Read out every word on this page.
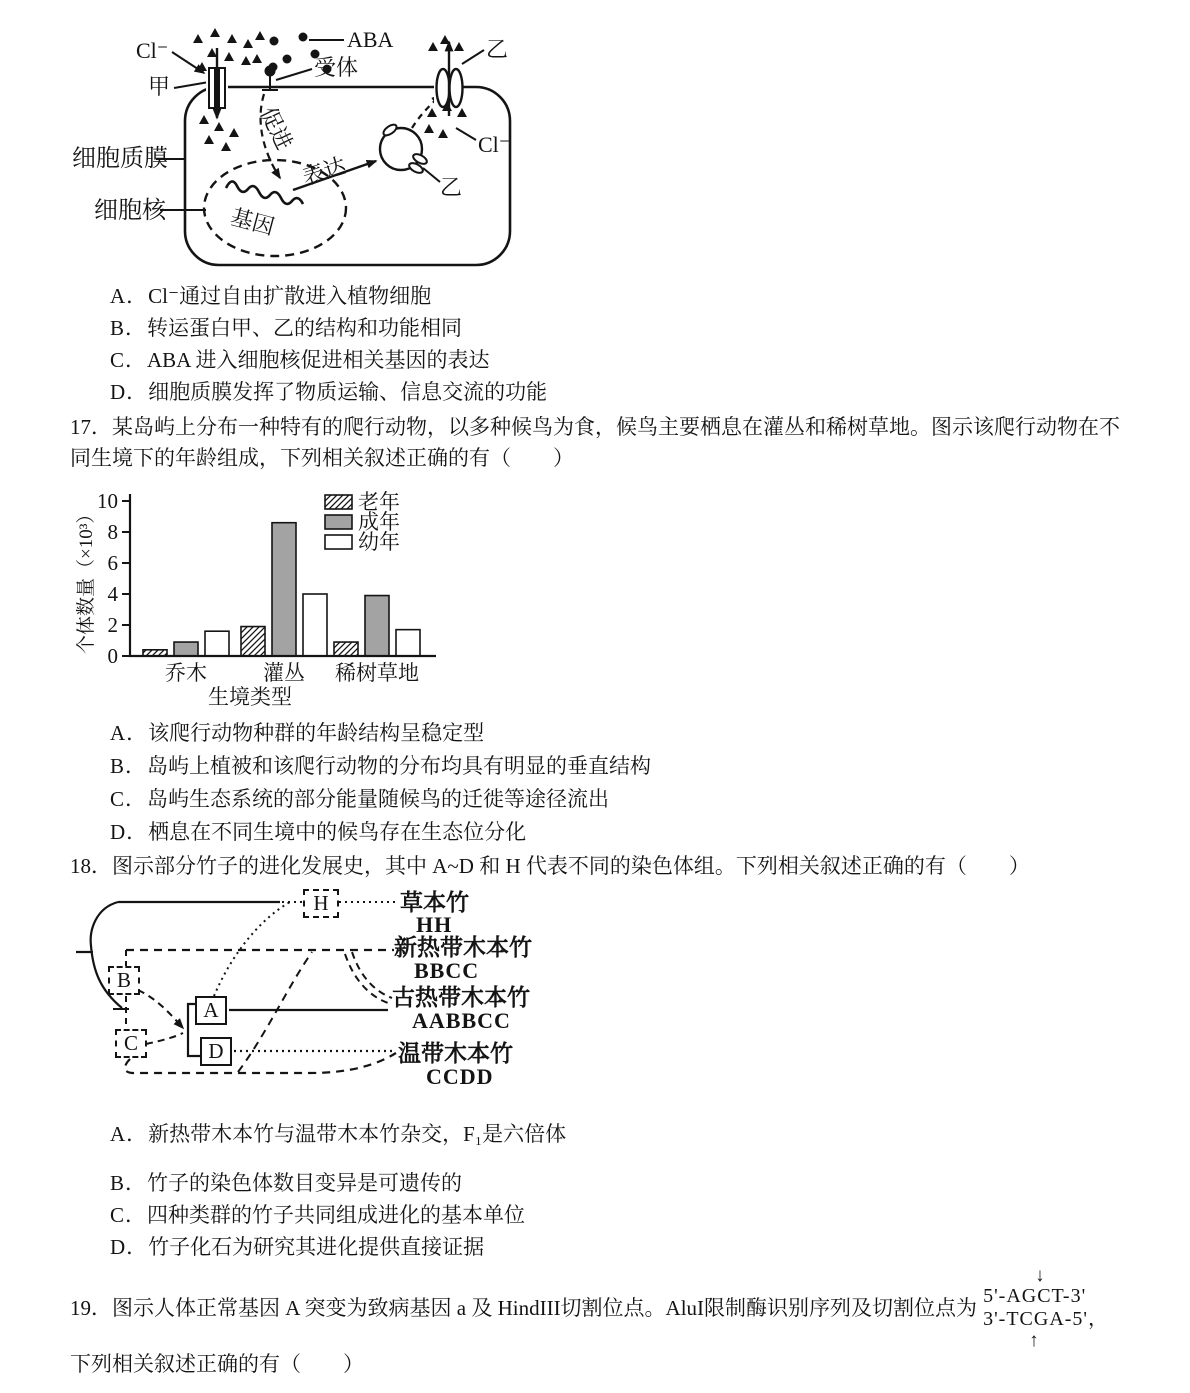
Cl⁻
甲
ABA
受体
促进
表达
基因
乙
乙
Cl⁻
细胞质膜
细胞核
A．Cl⁻通过自由扩散进入植物细胞
B．转运蛋白甲、乙的结构和功能相同
C．ABA 进入细胞核促进相关基因的表达
D．细胞质膜发挥了物质运输、信息交流的功能
17．某岛屿上分布一种特有的爬行动物，以多种候鸟为食，候鸟主要栖息在灌丛和稀树草地。图示该爬行动物在不同生境下的年龄组成，下列相关叙述正确的有（　　）
0
2
4
6
8
10
个体数量（×10³）
乔木	灌丛 稀树草地
生境类型
老年
成年
幼年
A．该爬行动物种群的年龄结构呈稳定型
B．岛屿上植被和该爬行动物的分布均具有明显的垂直结构
C．岛屿生态系统的部分能量随候鸟的迁徙等途径流出
D．栖息在不同生境中的候鸟存在生态位分化
18．图示部分竹子的进化发展史，其中 A~D 和 H 代表不同的染色体组。下列相关叙述正确的有（　　）
H
B
C
A
D
草本竹
HH
新热带木本竹
BBCC
古热带木本竹
AABBCC
温带木本竹
CCDD
A．新热带木本竹与温带木本竹杂交，F₁是六倍体
B．竹子的染色体数目变异是可遗传的
C．四种类群的竹子共同组成进化的基本单位
D．竹子化石为研究其进化提供直接证据
19．图示人体正常基因 A 突变为致病基因 a 及 HindIII切割位点。AluI限制酶识别序列及切割位点为
↓
5'-AGCT-3'
3'-TCGA-5'，
↑
下列相关叙述正确的有（　　）
